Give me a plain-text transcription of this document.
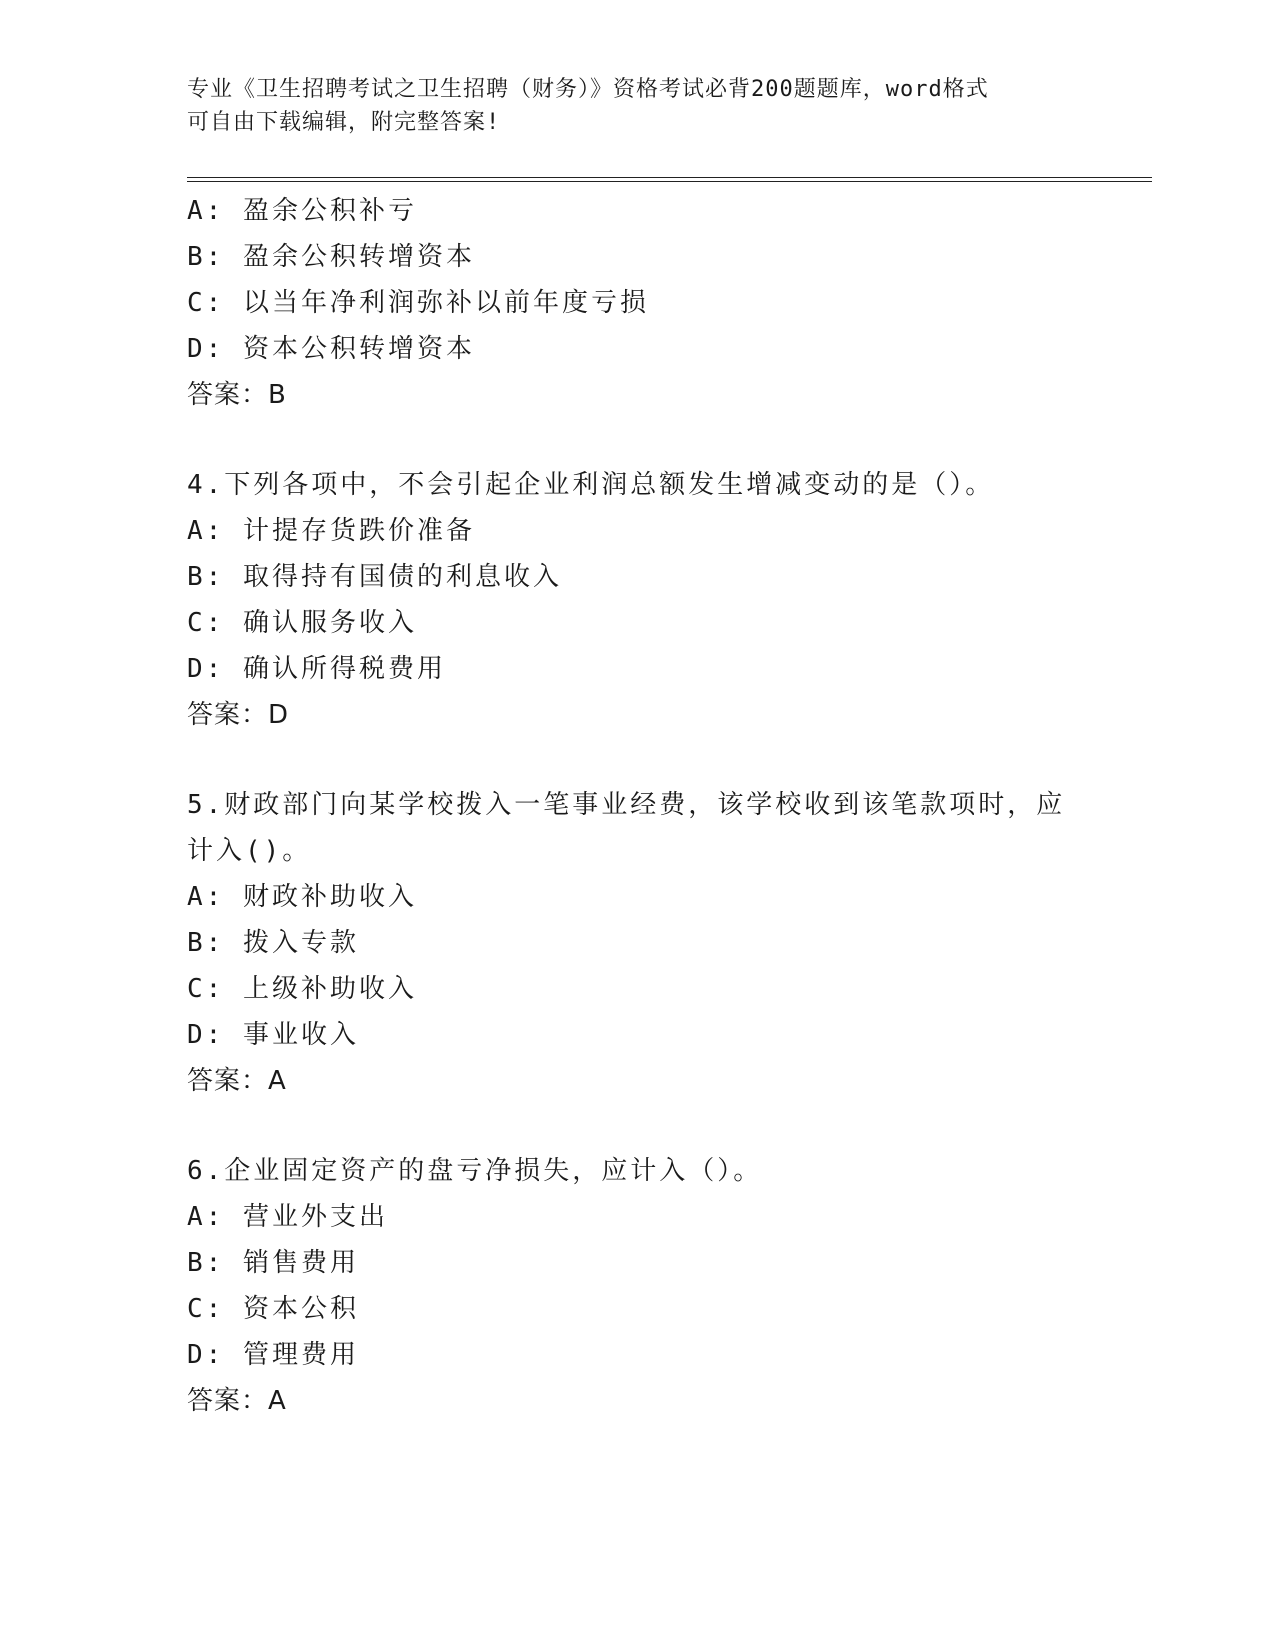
专业《卫生招聘考试之卫生招聘（财务）》资格考试必背200题题库，word格式
可自由下载编辑，附完整答案!
A: 盈余公积补亏
B: 盈余公积转增资本
C: 以当年净利润弥补以前年度亏损
D: 资本公积转增资本
答案：B
4.下列各项中，不会引起企业利润总额发生增减变动的是（）。
A: 计提存货跌价准备
B: 取得持有国债的利息收入
C: 确认服务收入
D: 确认所得税费用
答案：D
5.财政部门向某学校拨入一笔事业经费，该学校收到该笔款项时，应
计入()。
A: 财政补助收入
B: 拨入专款
C: 上级补助收入
D: 事业收入
答案：A
6.企业固定资产的盘亏净损失，应计入（）。
A: 营业外支出
B: 销售费用
C: 资本公积
D: 管理费用
答案：A
